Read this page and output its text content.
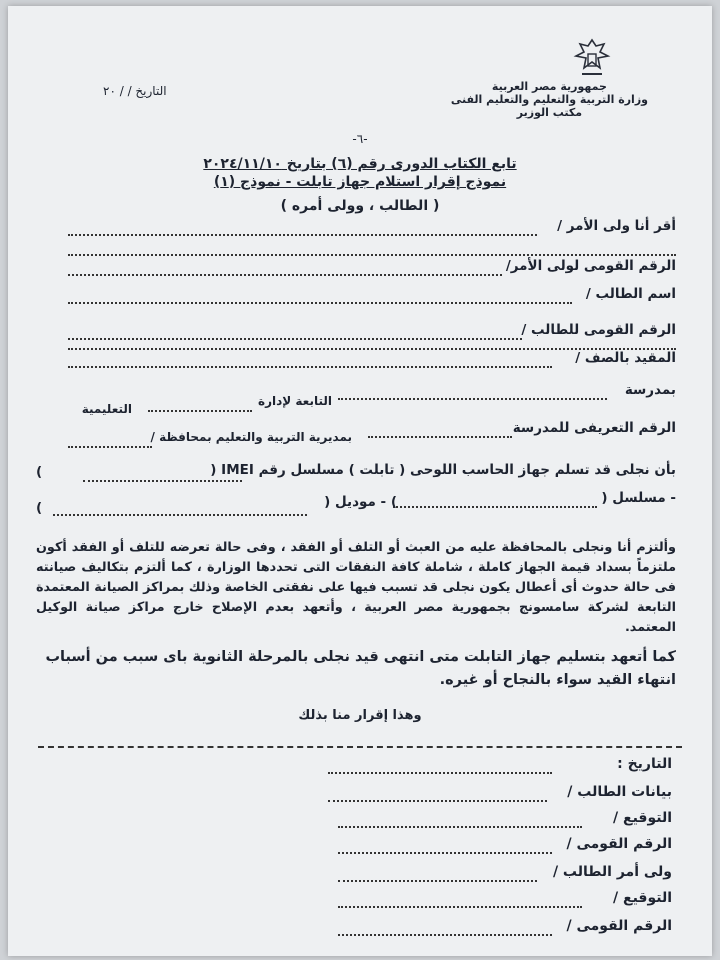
جمهورية مصر العربية
وزارة التربية والتعليم والتعليم الفنى
مكتب الوزير
التاريخ / / ٢٠
-٦-
تابع الكتاب الدورى رقم (٦) بتاريخ ٢٠٢٤/١١/١٠
نموذج إقرار استلام جهاز تابلت - نموذج (١)
( الطالب ، وولى أمره )
أقر أنا ولى الأمر /
الرقم القومى لولى الأمر/
اسم الطالب /
الرقم القومى للطالب /
المقيد بالصف /
بمدرسة
التابعة لإدارة
التعليمية
الرقم التعريفى للمدرسة
بمديرية التربية والتعليم بمحافظة /
بأن نجلى قد تسلم جهاز الحاسب اللوحى ( تابلت ) مسلسل رقم IMEI (
)
- مسلسل (
) - موديل (
)
وألتزم أنا ونجلى بالمحافظة عليه من العبث أو التلف أو الفقد ، وفى حالة تعرضه للتلف أو الفقد أكون ملتزماً بسداد قيمة الجهاز كاملة ، شاملة كافة النفقات التى تحددها الوزارة ، كما ألتزم بتكاليف صيانته فى حالة حدوث أى أعطال يكون نجلى قد تسبب فيها على نفقتى الخاصة وذلك بمراكز الصيانة المعتمدة التابعة لشركة سامسونج بجمهورية مصر العربية ، وأتعهد بعدم الإصلاح خارج مراكز صيانة الوكيل المعتمد.
كما أتعهد بتسليم جهاز التابلت متى انتهى قيد نجلى بالمرحلة الثانوية باى سبب من أسباب انتهاء القيد سواء بالنجاح أو غيره.
وهذا إقرار منا بذلك
التاريخ :
بيانات الطالب /
التوقيع /
الرقم القومى /
ولى أمر الطالب /
التوقيع /
الرقم القومى /
